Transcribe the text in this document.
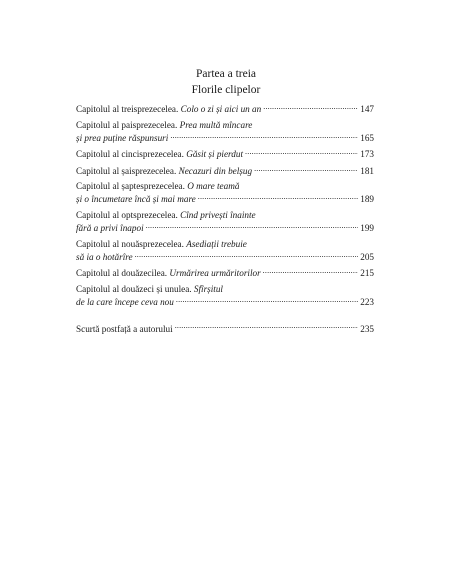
Partea a treia
Florile clipelor
Capitolul al treisprezecelea.
Colo o zi și aici un an .....	147
Capitolul al paisprezecelea.
Prea multă mîncare
și prea puține răspunsuri .....	165
Capitolul al cincisprezecelea.
Găsit și pierdut .....	173
Capitolul al șaisprezecelea.
Necazuri din belșug .....	181
Capitolul al șaptesprezecelea.
O mare teamă
și o încumetare încă și mai mare .....	189
Capitolul al optsprezecelea.
Cînd privești înainte
fără a privi înapoi .....	199
Capitolul al nouăsprezecelea.
Asediații trebuie
să ia o hotărîre .....	205
Capitolul al douăzecilea.
Urmărirea urmăritorilor .....	215
Capitolul al douăzeci și unulea.
Sfîrșitul
de la care începe ceva nou .....	223
Scurtă postfață a autorului .....	235
